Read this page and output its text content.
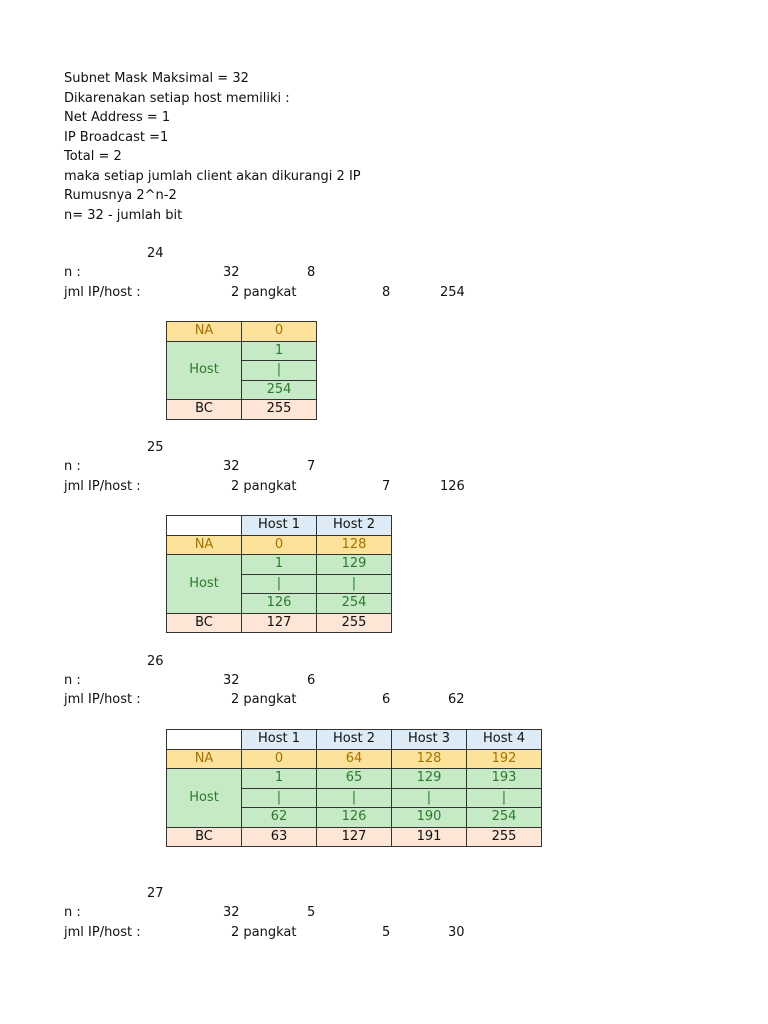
Subnet Mask Maksimal = 32
Dikarenakan setiap host memiliki :
Net Address = 1
IP Broadcast =1
Total = 2
maka setiap jumlah client akan dikurangi 2 IP
Rumusnya 2^n-2
n= 32 - jumlah bit
24
n :	32	8
jml IP/host :	2 pangkat	8	254
NA	0
Host	1
	|
	254
BC	255
25
n :	32	7
jml IP/host :	2 pangkat	7	126
	Host 1	Host 2
NA	0	128
Host	1	129
	|	|
	126	254
BC	127	255
26
n :	32	6
jml IP/host :	2 pangkat	6	62
	Host 1	Host 2	Host 3	Host 4
NA	0	64	128	192
Host	1	65	129	193
	|	|	|	|
	62	126	190	254
BC	63	127	191	255
27
n :	32	5
jml IP/host :	2 pangkat	5	30
